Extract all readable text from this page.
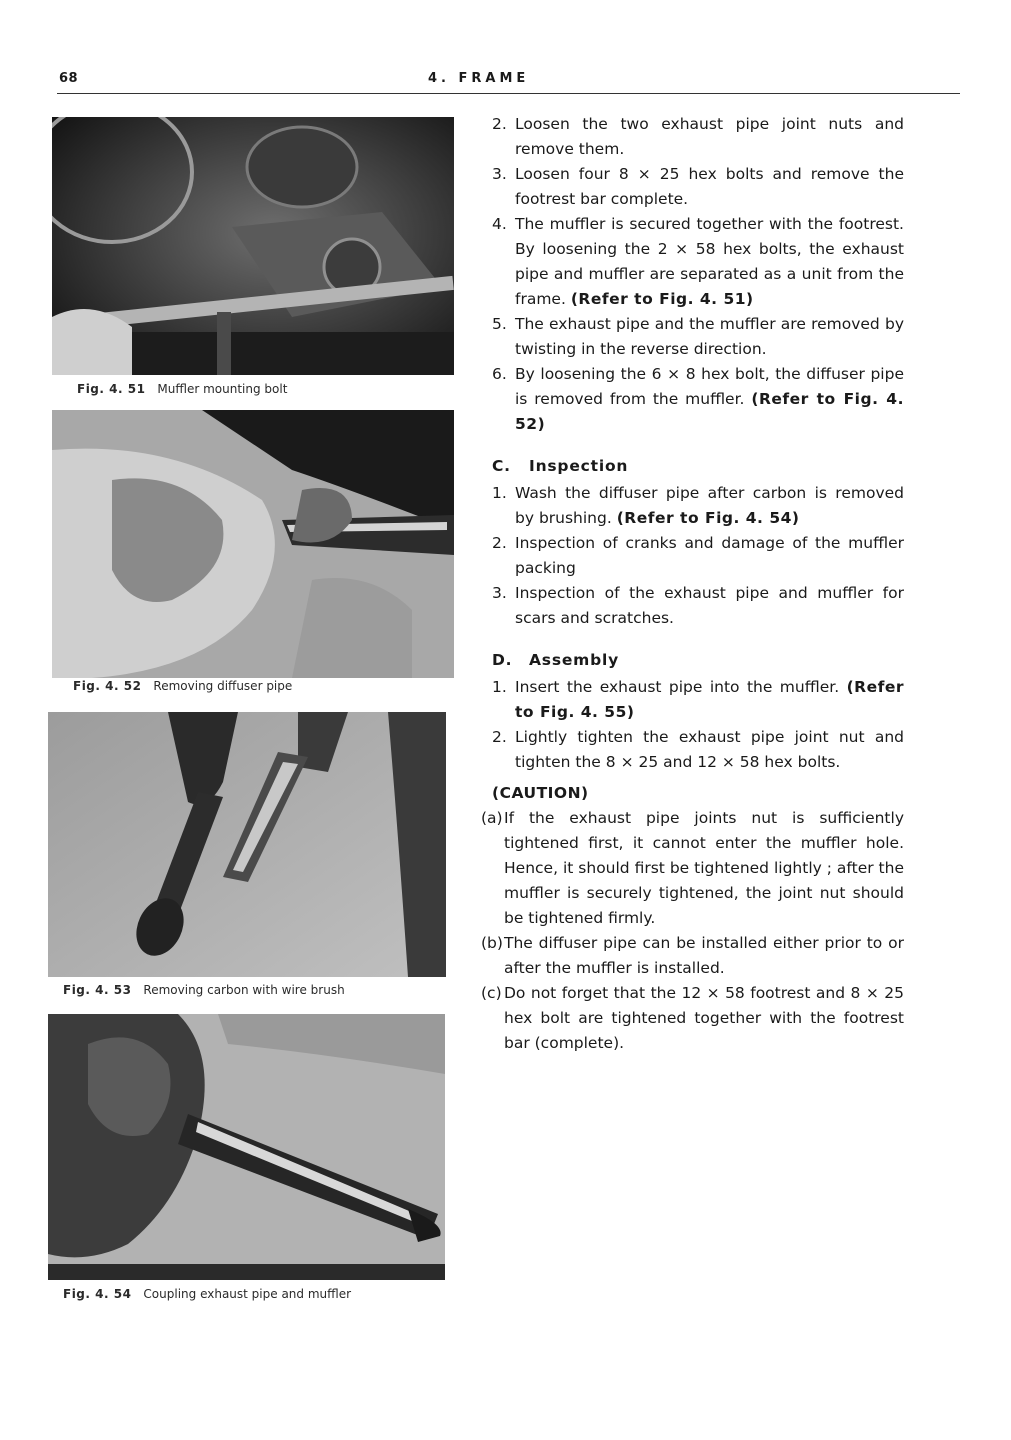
68	4. FRAME
Fig. 4. 51 Muffler mounting bolt
Fig. 4. 52 Removing diffuser pipe
Fig. 4. 53 Removing carbon with wire brush
Fig. 4. 54 Coupling exhaust pipe and muffler
2. Loosen the two exhaust pipe joint nuts and remove them.
3. Loosen four 8 × 25 hex bolts and remove the footrest bar complete.
4. The muffler is secured together with the footrest. By loosening the 2 × 58 hex bolts, the exhaust pipe and muffler are separated as a unit from the frame. (Refer to Fig. 4. 51)
5. The exhaust pipe and the muffler are removed by twisting in the reverse direction.
6. By loosening the 6 × 8 hex bolt, the diffuser pipe is removed from the muffler. (Refer to Fig. 4. 52)
C. Inspection
1. Wash the diffuser pipe after carbon is removed by brushing. (Refer to Fig. 4. 54)
2. Inspection of cranks and damage of the muffler packing
3. Inspection of the exhaust pipe and muffler for scars and scratches.
D. Assembly
1. Insert the exhaust pipe into the muffler. (Refer to Fig. 4. 55)
2. Lightly tighten the exhaust pipe joint nut and tighten the 8 × 25 and 12 × 58 hex bolts.
(CAUTION)
(a) If the exhaust pipe joints nut is sufficiently tightened first, it cannot enter the muffler hole. Hence, it should first be tightened lightly ; after the muffler is securely tightened, the joint nut should be tightened firmly.
(b) The diffuser pipe can be installed either prior to or after the muffler is installed.
(c) Do not forget that the 12 × 58 footrest and 8 × 25 hex bolt are tightened together with the footrest bar (complete).
